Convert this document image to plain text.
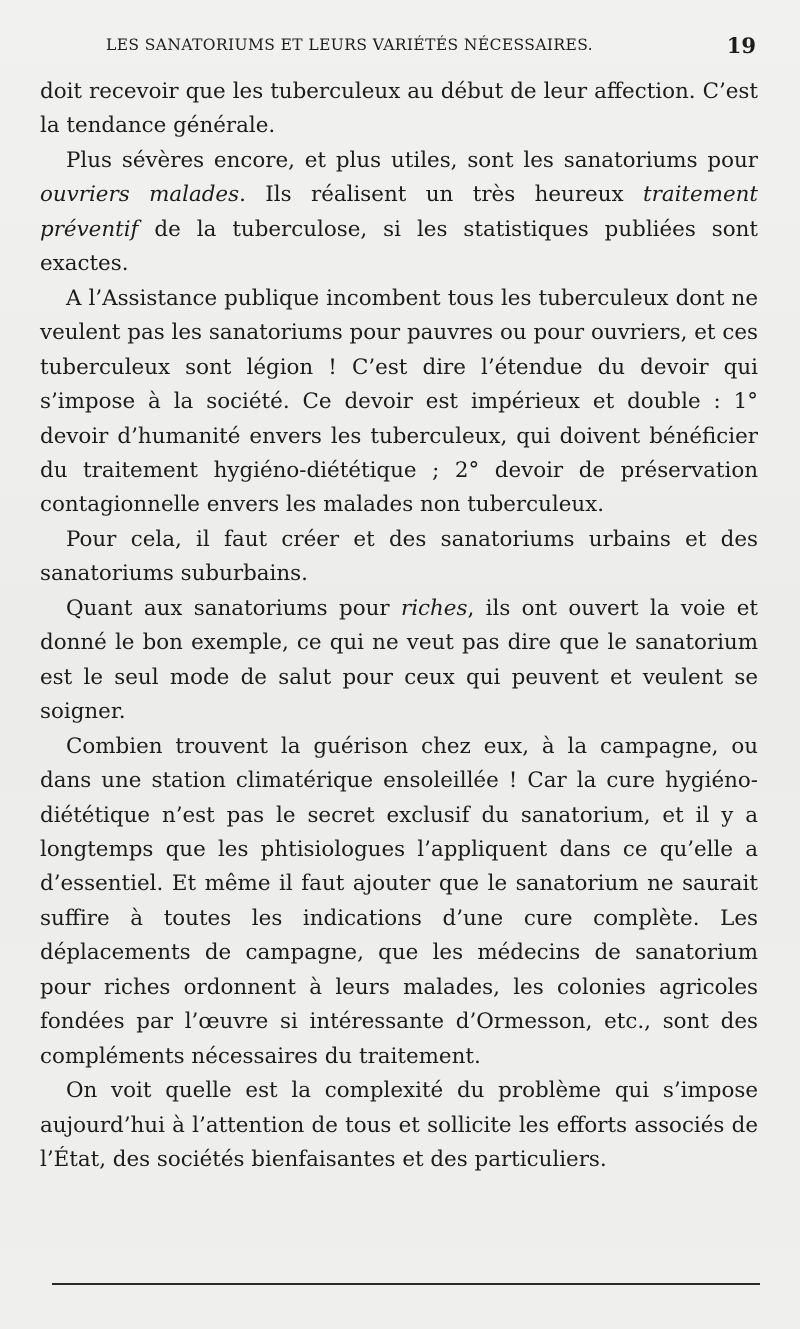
LES SANATORIUMS ET LEURS VARIÉTÉS NÉCESSAIRES.	19

doit recevoir que les tuberculeux au début de leur affection. C’est la tendance générale.

Plus sévères encore, et plus utiles, sont les sanatoriums pour ouvriers malades. Ils réalisent un très heureux traitement préventif de la tuberculose, si les statistiques publiées sont exactes.

A l’Assistance publique incombent tous les tuberculeux dont ne veulent pas les sanatoriums pour pauvres ou pour ouvriers, et ces tuberculeux sont légion ! C’est dire l’étendue du devoir qui s’impose à la société. Ce devoir est impérieux et double : 1° devoir d’humanité envers les tuberculeux, qui doivent bénéficier du traitement hygiéno-diététique ; 2° devoir de préservation contagionnelle envers les malades non tuberculeux.

Pour cela, il faut créer et des sanatoriums urbains et des sanatoriums suburbains.

Quant aux sanatoriums pour riches, ils ont ouvert la voie et donné le bon exemple, ce qui ne veut pas dire que le sanatorium est le seul mode de salut pour ceux qui peuvent et veulent se soigner.

Combien trouvent la guérison chez eux, à la campagne, ou dans une station climatérique ensoleillée ! Car la cure hygiéno-diététique n’est pas le secret exclusif du sanatorium, et il y a longtemps que les phtisiologues l’appliquent dans ce qu’elle a d’essentiel. Et même il faut ajouter que le sanatorium ne saurait suffire à toutes les indications d’une cure complète. Les déplacements de campagne, que les médecins de sanatorium pour riches ordonnent à leurs malades, les colonies agricoles fondées par l’œuvre si intéressante d’Ormesson, etc., sont des compléments nécessaires du traitement.

On voit quelle est la complexité du problème qui s’impose aujourd’hui à l’attention de tous et sollicite les efforts associés de l’État, des sociétés bienfaisantes et des particuliers.
